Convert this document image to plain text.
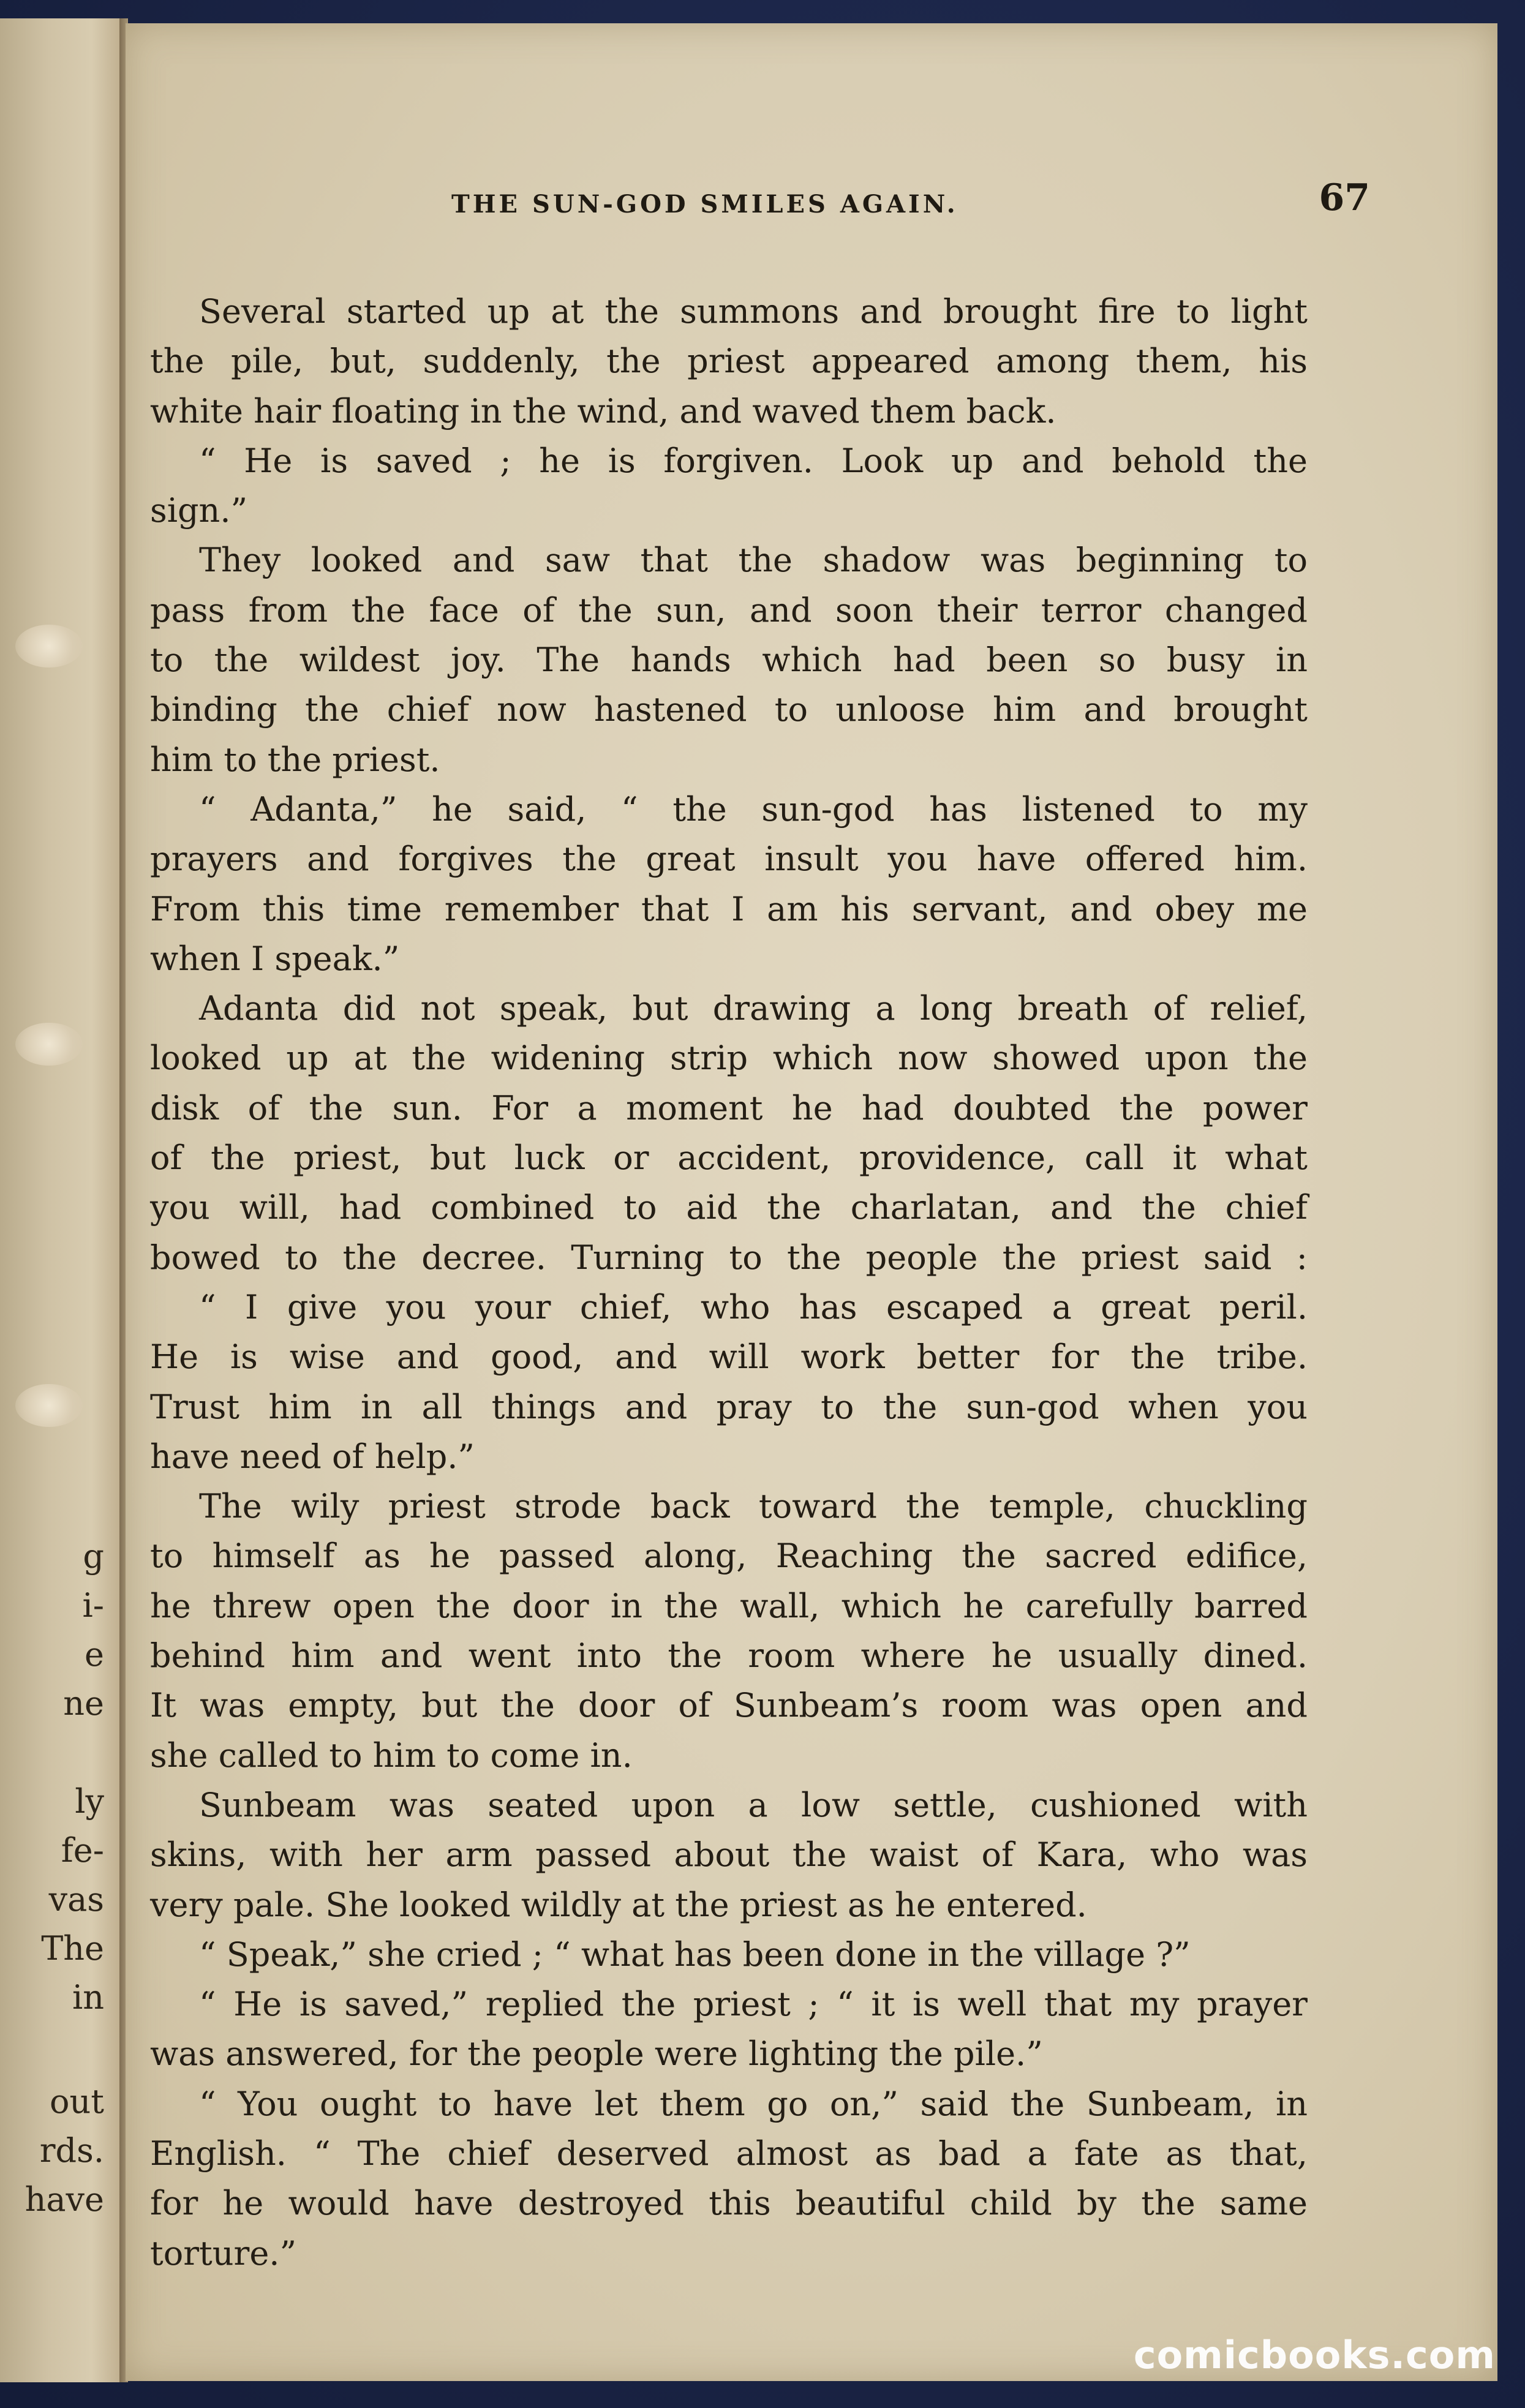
g
i-
e
ne
ly
fe-
vas
The
in
out
rds.
have
THE SUN-GOD SMILES AGAIN.	67
Several started up at the summons and brought fire to light
the pile, but, suddenly, the priest appeared among them, his
white hair floating in the wind, and waved them back.
“ He is saved ; he is forgiven. Look up and behold the
sign.”
They looked and saw that the shadow was beginning to
pass from the face of the sun, and soon their terror changed
to the wildest joy. The hands which had been so busy in
binding the chief now hastened to unloose him and brought
him to the priest.
“ Adanta,” he said, “ the sun-god has listened to my
prayers and forgives the great insult you have offered him.
From this time remember that I am his servant, and obey me
when I speak.”
Adanta did not speak, but drawing a long breath of relief,
looked up at the widening strip which now showed upon the
disk of the sun. For a moment he had doubted the power
of the priest, but luck or accident, providence, call it what
you will, had combined to aid the charlatan, and the chief
bowed to the decree. Turning to the people the priest said :
“ I give you your chief, who has escaped a great peril.
He is wise and good, and will work better for the tribe.
Trust him in all things and pray to the sun-god when you
have need of help.”
The wily priest strode back toward the temple, chuckling
to himself as he passed along, Reaching the sacred edifice,
he threw open the door in the wall, which he carefully barred
behind him and went into the room where he usually dined.
It was empty, but the door of Sunbeam’s room was open and
she called to him to come in.
Sunbeam was seated upon a low settle, cushioned with
skins, with her arm passed about the waist of Kara, who was
very pale. She looked wildly at the priest as he entered.
“ Speak,” she cried ; “ what has been done in the village ?”
“ He is saved,” replied the priest ; “ it is well that my prayer
was answered, for the people were lighting the pile.”
“ You ought to have let them go on,” said the Sunbeam, in
English. “ The chief deserved almost as bad a fate as that,
for he would have destroyed this beautiful child by the same
torture.”
comicbooks.com
